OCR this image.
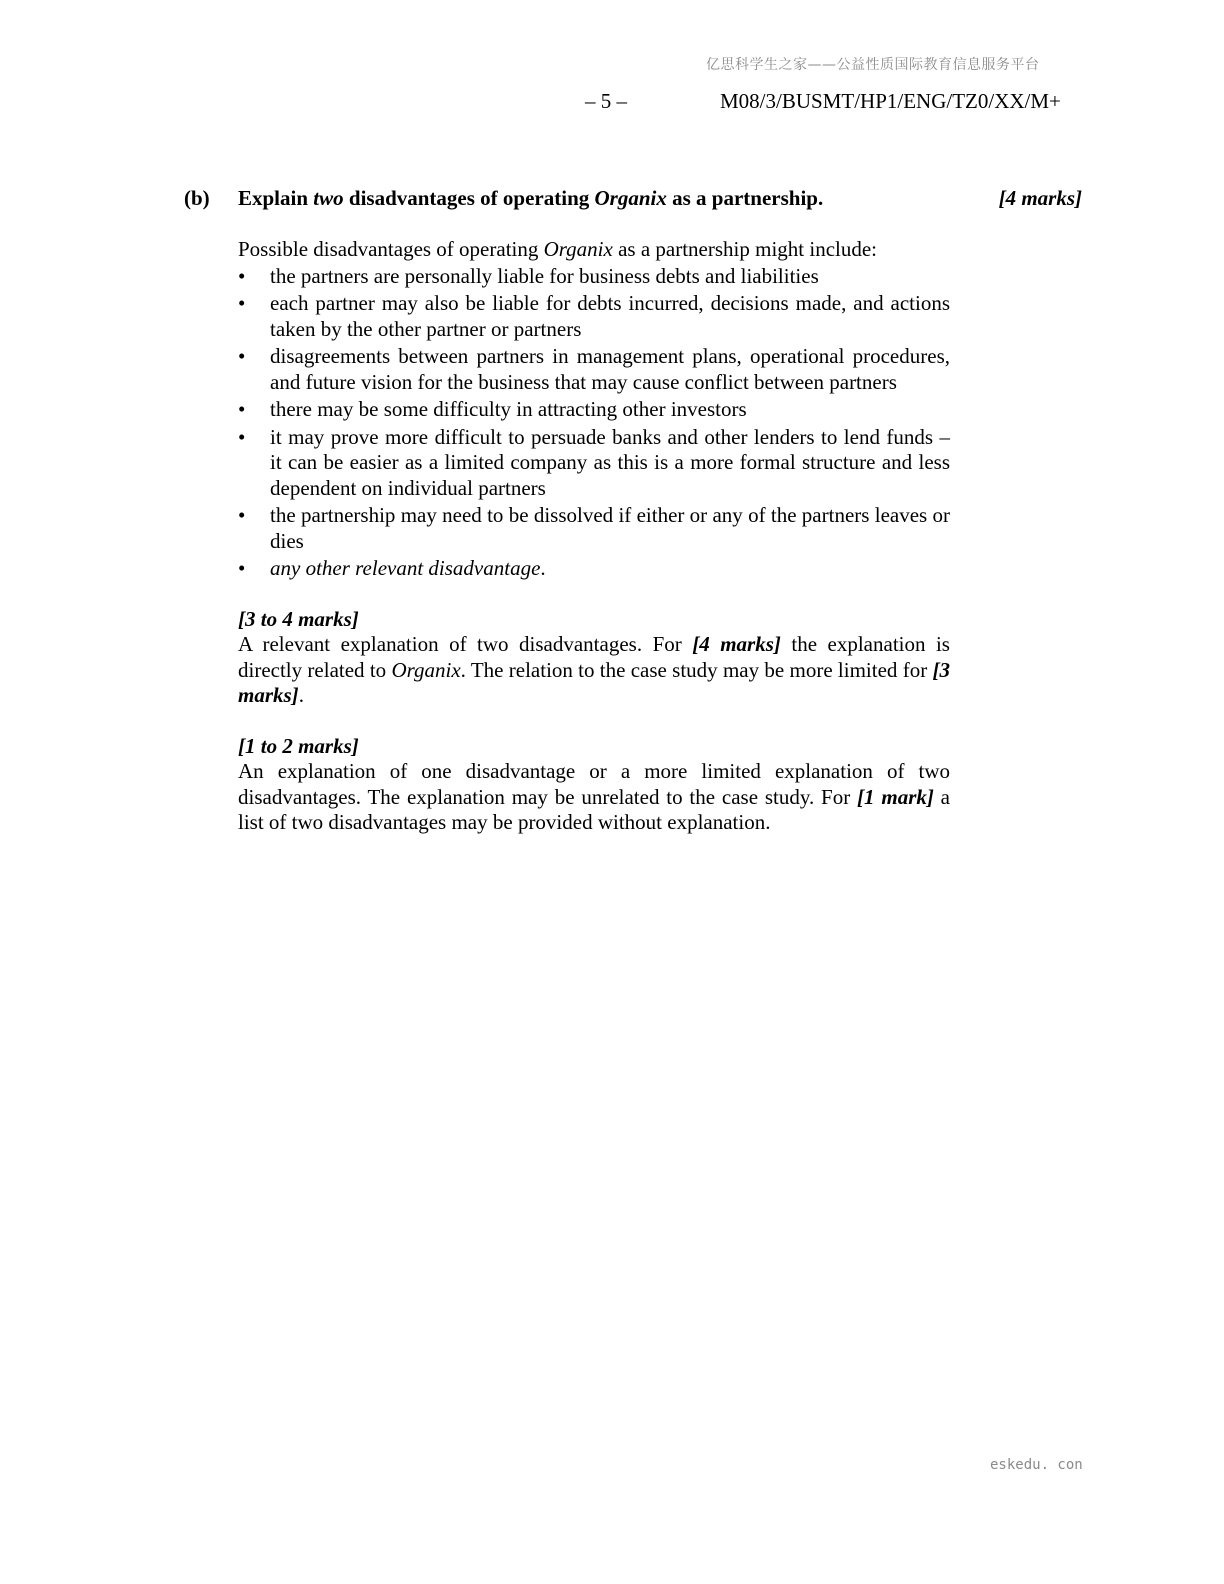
亿思科学生之家——公益性质国际教育信息服务平台
– 5 –	M08/3/BUSMT/HP1/ENG/TZ0/XX/M+
(b) Explain two disadvantages of operating Organix as a partnership.	[4 marks]

Possible disadvantages of operating Organix as a partnership might include:

• the partners are personally liable for business debts and liabilities
• each partner may also be liable for debts incurred, decisions made, and actions taken by the other partner or partners
• disagreements between partners in management plans, operational procedures, and future vision for the business that may cause conflict between partners
• there may be some difficulty in attracting other investors
• it may prove more difficult to persuade banks and other lenders to lend funds – it can be easier as a limited company as this is a more formal structure and less dependent on individual partners
• the partnership may need to be dissolved if either or any of the partners leaves or dies
• any other relevant disadvantage.

[3 to 4 marks]

A relevant explanation of two disadvantages. For [4 marks] the explanation is directly related to Organix. The relation to the case study may be more limited for [3 marks].

[1 to 2 marks]

An explanation of one disadvantage or a more limited explanation of two disadvantages. The explanation may be unrelated to the case study. For [1 mark] a list of two disadvantages may be provided without explanation.

eskedu. con
